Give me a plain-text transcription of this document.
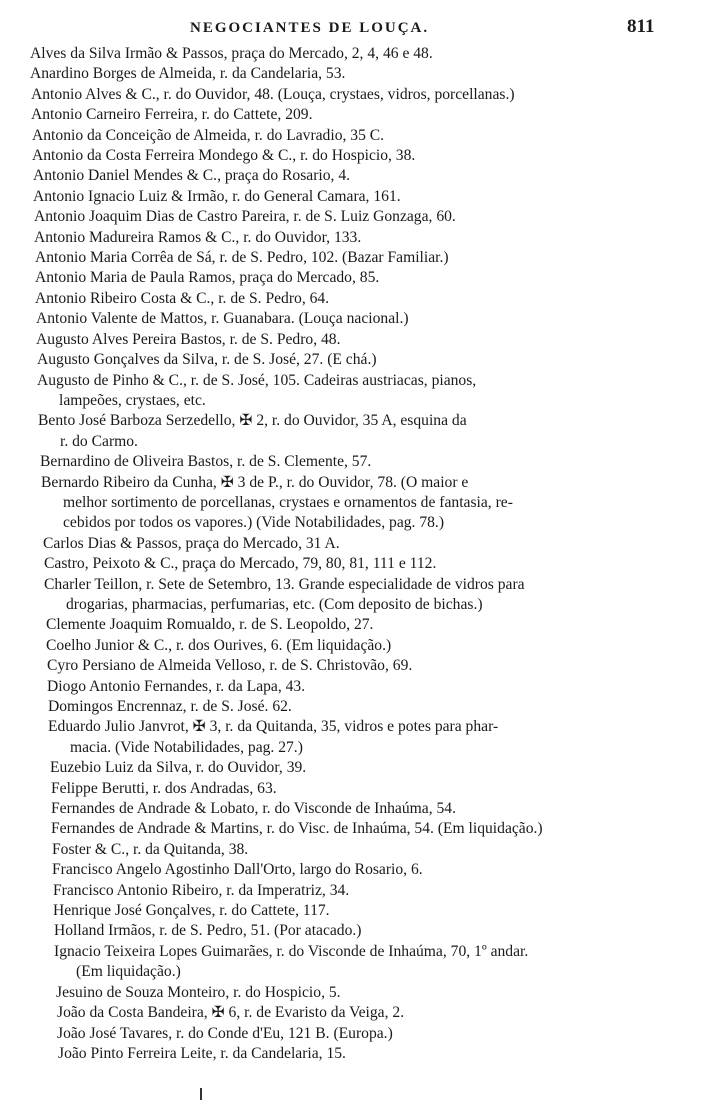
NEGOCIANTES DE LOUÇA.	811
Alves da Silva Irmão & Passos, praça do Mercado, 2, 4, 46 e 48.
Anardino Borges de Almeida, r. da Candelaria, 53.
Antonio Alves & C., r. do Ouvidor, 48. (Louça, crystaes, vidros, porcellanas.)
Antonio Carneiro Ferreira, r. do Cattete, 209.
Antonio da Conceição de Almeida, r. do Lavradio, 35 C.
Antonio da Costa Ferreira Mondego & C., r. do Hospicio, 38.
Antonio Daniel Mendes & C., praça do Rosario, 4.
Antonio Ignacio Luiz & Irmão, r. do General Camara, 161.
Antonio Joaquim Dias de Castro Pareira, r. de S. Luiz Gonzaga, 60.
Antonio Madureira Ramos & C., r. do Ouvidor, 133.
Antonio Maria Corrêa de Sá, r. de S. Pedro, 102. (Bazar Familiar.)
Antonio Maria de Paula Ramos, praça do Mercado, 85.
Antonio Ribeiro Costa & C., r. de S. Pedro, 64.
Antonio Valente de Mattos, r. Guanabara. (Louça nacional.)
Augusto Alves Pereira Bastos, r. de S. Pedro, 48.
Augusto Gonçalves da Silva, r. de S. José, 27. (E chá.)
Augusto de Pinho & C., r. de S. José, 105. Cadeiras austriacas, pianos,
lampeões, crystaes, etc.
Bento José Barboza Serzedello, ✠ 2, r. do Ouvidor, 35 A, esquina da
r. do Carmo.
Bernardino de Oliveira Bastos, r. de S. Clemente, 57.
Bernardo Ribeiro da Cunha, ✠ 3 de P., r. do Ouvidor, 78. (O maior e
melhor sortimento de porcellanas, crystaes e ornamentos de fantasia, re-
cebidos por todos os vapores.) (Vide Notabilidades, pag. 78.)
Carlos Dias & Passos, praça do Mercado, 31 A.
Castro, Peixoto & C., praça do Mercado, 79, 80, 81, 111 e 112.
Charler Teillon, r. Sete de Setembro, 13. Grande especialidade de vidros para
drogarias, pharmacias, perfumarias, etc. (Com deposito de bichas.)
Clemente Joaquim Romualdo, r. de S. Leopoldo, 27.
Coelho Junior & C., r. dos Ourives, 6. (Em liquidação.)
Cyro Persiano de Almeida Velloso, r. de S. Christovão, 69.
Diogo Antonio Fernandes, r. da Lapa, 43.
Domingos Encrennaz, r. de S. José. 62.
Eduardo Julio Janvrot, ✠ 3, r. da Quitanda, 35, vidros e potes para phar-
macia. (Vide Notabilidades, pag. 27.)
Euzebio Luiz da Silva, r. do Ouvidor, 39.
Felippe Berutti, r. dos Andradas, 63.
Fernandes de Andrade & Lobato, r. do Visconde de Inhaúma, 54.
Fernandes de Andrade & Martins, r. do Visc. de Inhaúma, 54. (Em liquidação.)
Foster & C., r. da Quitanda, 38.
Francisco Angelo Agostinho Dall'Orto, largo do Rosario, 6.
Francisco Antonio Ribeiro, r. da Imperatriz, 34.
Henrique José Gonçalves, r. do Cattete, 117.
Holland Irmãos, r. de S. Pedro, 51. (Por atacado.)
Ignacio Teixeira Lopes Guimarães, r. do Visconde de Inhaúma, 70, 1º andar.
(Em liquidação.)
Jesuino de Souza Monteiro, r. do Hospicio, 5.
João da Costa Bandeira, ✠ 6, r. de Evaristo da Veiga, 2.
João José Tavares, r. do Conde d'Eu, 121 B. (Europa.)
João Pinto Ferreira Leite, r. da Candelaria, 15.
